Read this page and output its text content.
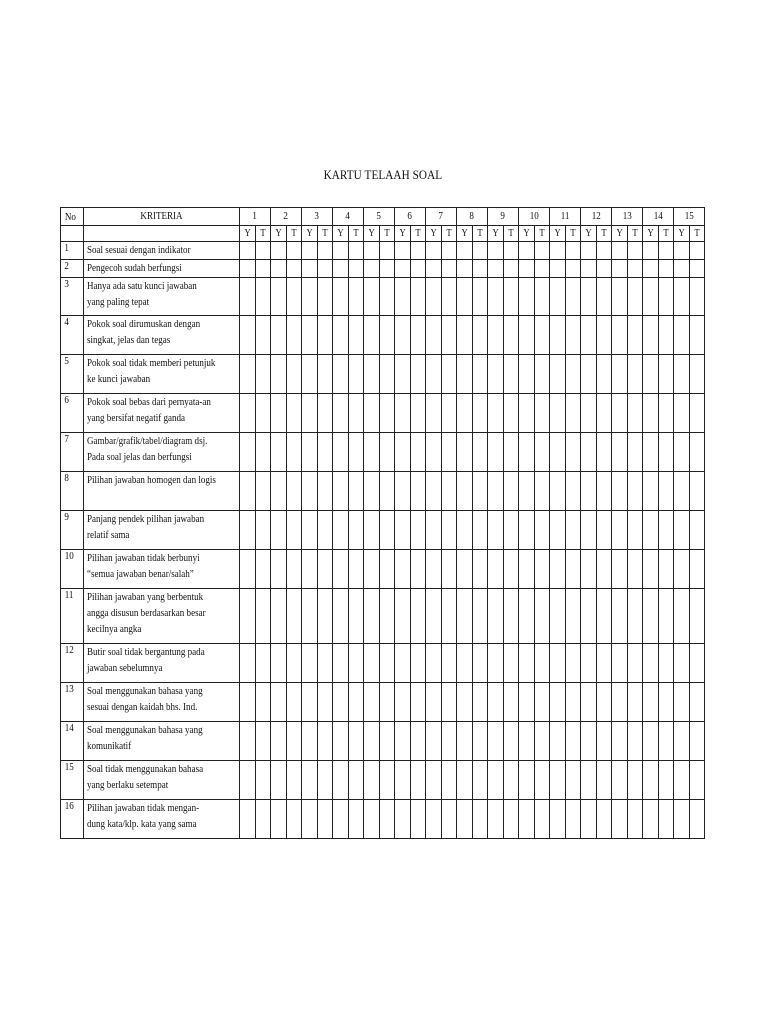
KARTU TELAAH SOAL
No	KRITERIA	1		2		3		4		5		6		7		8		9		10		11		12		13		14		15	
		Y	T	Y	T	Y	T	Y	T	Y	T	Y	T	Y	T	Y	T	Y	T	Y	T	Y	T	Y	T	Y	T	Y	T	Y	T
1	Soal sesuai dengan indikator																														
2	Pengecoh sudah berfungsi																														
3	Hanya ada satu kunci jawaban yang paling tepat																														
4	Pokok soal dirumuskan dengan singkat, jelas dan tegas																														
5	Pokok soal tidak memberi petunjuk ke kunci jawaban																														
6	Pokok soal bebas dari pernyata-an yang bersifat negatif ganda																														
7	Gambar/grafik/tabel/diagram dsj. Pada soal jelas dan berfungsi																														
8	Pilihan jawaban homogen dan logis																														
9	Panjang pendek pilihan jawaban relatif sama																														
10	Pilihan jawaban tidak berbunyi “semua jawaban benar/salah”																														
11	Pilihan jawaban yang berbentuk angga disusun berdasarkan besar kecilnya angka																														
12	Butir soal tidak bergantung pada jawaban sebelumnya																														
13	Soal menggunakan bahasa yang sesuai dengan kaidah bhs. Ind.																														
14	Soal menggunakan bahasa yang komunikatif																														
15	Soal tidak menggunakan bahasa yang berlaku setempat																														
16	Pilihan jawaban tidak mengan-dung kata/klp. kata yang sama																														
